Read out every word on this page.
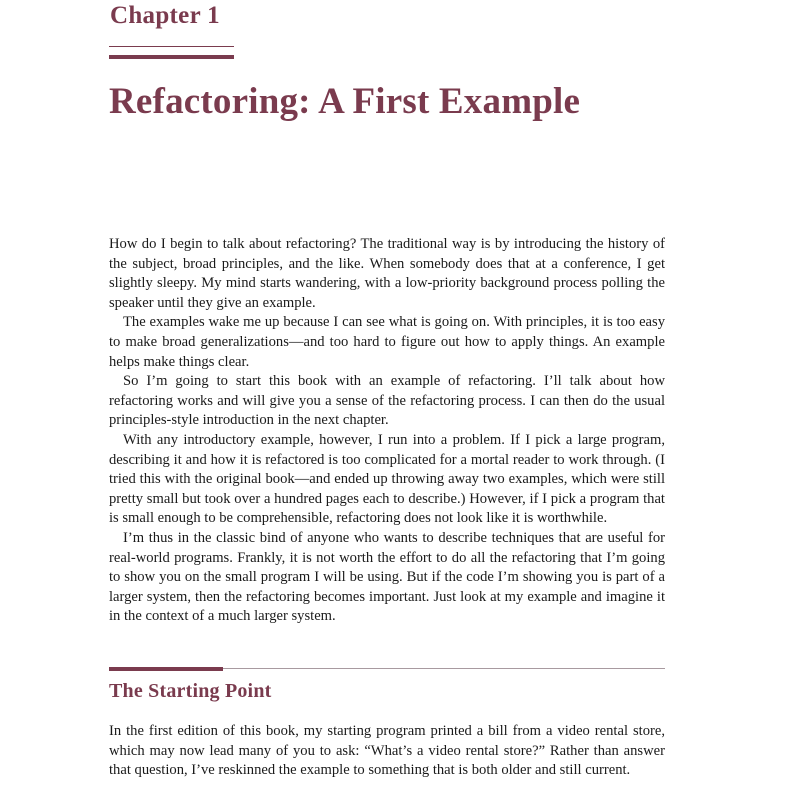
Chapter 1
Refactoring: A First Example

How do I begin to talk about refactoring? The traditional way is by introducing the history of the subject, broad principles, and the like. When somebody does that at a conference, I get slightly sleepy. My mind starts wandering, with a low-priority background process polling the speaker until they give an example.

The examples wake me up because I can see what is going on. With principles, it is too easy to make broad generalizations—and too hard to figure out how to apply things. An example helps make things clear.

So I’m going to start this book with an example of refactoring. I’ll talk about how refactoring works and will give you a sense of the refactoring process. I can then do the usual principles-style introduction in the next chapter.

With any introductory example, however, I run into a problem. If I pick a large program, describing it and how it is refactored is too complicated for a mortal reader to work through. (I tried this with the original book—and ended up throwing away two examples, which were still pretty small but took over a hundred pages each to describe.) However, if I pick a program that is small enough to be comprehensible, refactoring does not look like it is worthwhile.

I’m thus in the classic bind of anyone who wants to describe techniques that are useful for real-world programs. Frankly, it is not worth the effort to do all the refactoring that I’m going to show you on the small program I will be using. But if the code I’m showing you is part of a larger system, then the refactoring becomes important. Just look at my example and imagine it in the context of a much larger system.

The Starting Point

In the first edition of this book, my starting program printed a bill from a video rental store, which may now lead many of you to ask: “What’s a video rental store?” Rather than answer that question, I’ve reskinned the example to something that is both older and still current.
